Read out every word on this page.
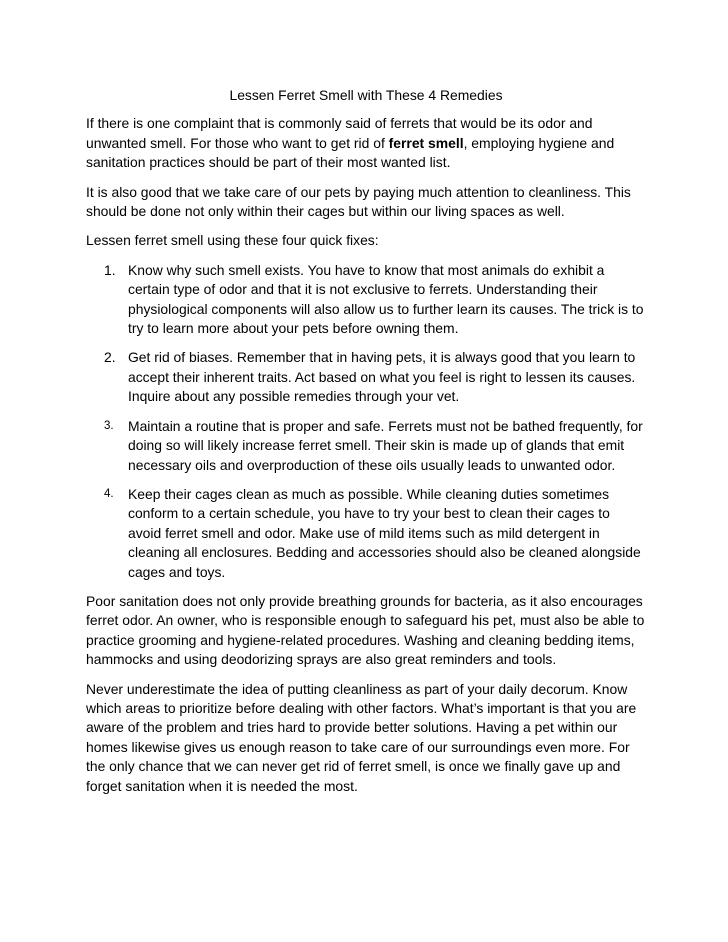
Lessen Ferret Smell with These 4 Remedies

If there is one complaint that is commonly said of ferrets that would be its odor and unwanted smell. For those who want to get rid of ferret smell, employing hygiene and sanitation practices should be part of their most wanted list.

It is also good that we take care of our pets by paying much attention to cleanliness. This should be done not only within their cages but within our living spaces as well.

Lessen ferret smell using these four quick fixes:

1. Know why such smell exists. You have to know that most animals do exhibit a certain type of odor and that it is not exclusive to ferrets. Understanding their physiological components will also allow us to further learn its causes. The trick is to try to learn more about your pets before owning them.
2. Get rid of biases. Remember that in having pets, it is always good that you learn to accept their inherent traits. Act based on what you feel is right to lessen its causes. Inquire about any possible remedies through your vet.
3. Maintain a routine that is proper and safe. Ferrets must not be bathed frequently, for doing so will likely increase ferret smell. Their skin is made up of glands that emit necessary oils and overproduction of these oils usually leads to unwanted odor.
4. Keep their cages clean as much as possible. While cleaning duties sometimes conform to a certain schedule, you have to try your best to clean their cages to avoid ferret smell and odor. Make use of mild items such as mild detergent in cleaning all enclosures. Bedding and accessories should also be cleaned alongside cages and toys.

Poor sanitation does not only provide breathing grounds for bacteria, as it also encourages ferret odor. An owner, who is responsible enough to safeguard his pet, must also be able to practice grooming and hygiene-related procedures. Washing and cleaning bedding items, hammocks and using deodorizing sprays are also great reminders and tools.

Never underestimate the idea of putting cleanliness as part of your daily decorum. Know which areas to prioritize before dealing with other factors. What’s important is that you are aware of the problem and tries hard to provide better solutions. Having a pet within our homes likewise gives us enough reason to take care of our surroundings even more. For the only chance that we can never get rid of ferret smell, is once we finally gave up and forget sanitation when it is needed the most.
